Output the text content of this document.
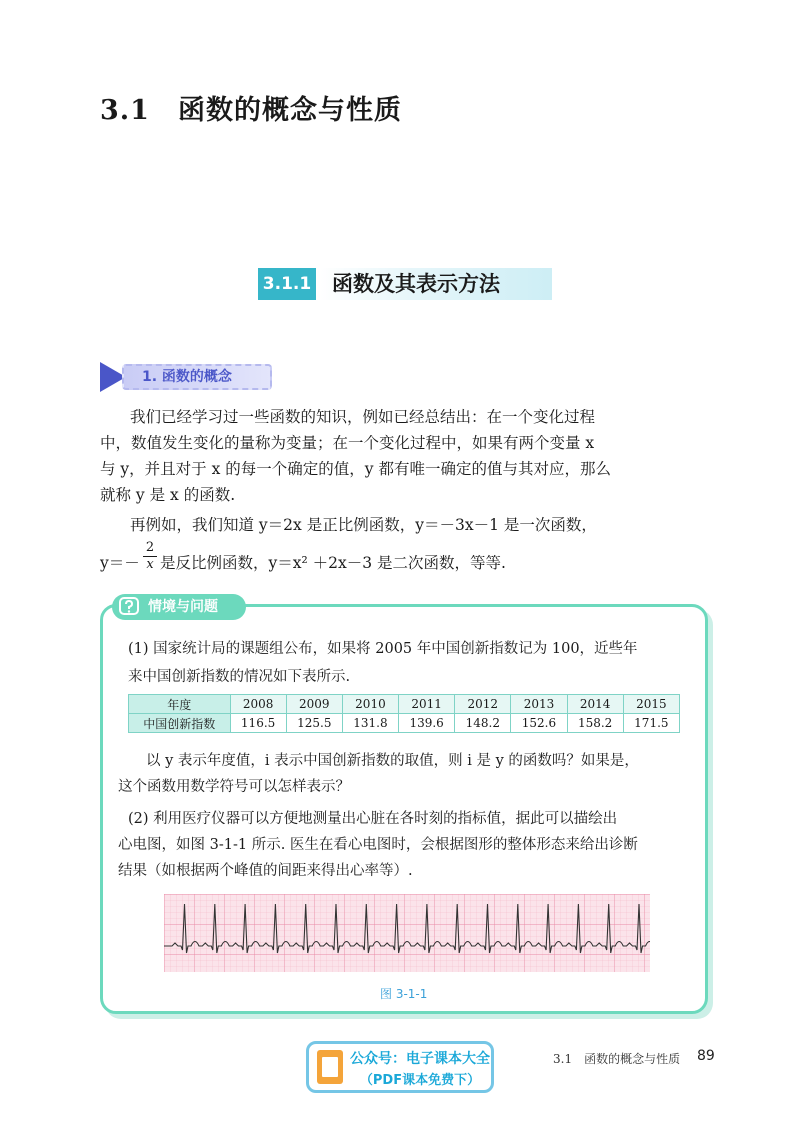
3.1 函数的概念与性质
3.1.1 函数及其表示方法
1. 函数的概念
我们已经学习过一些函数的知识，例如已经总结出：在一个变化过程
中，数值发生变化的量称为变量；在一个变化过程中，如果有两个变量 x
与 y，并且对于 x 的每一个确定的值，y 都有唯一确定的值与其对应，那么
就称 y 是 x 的函数.
再例如，我们知道 y＝2x 是正比例函数，y＝－3x－1 是一次函数，
y＝－
2
x 是反比例函数，y＝x² ＋2x－3 是二次函数，等等.
情境与问题
(1) 国家统计局的课题组公布，如果将 2005 年中国创新指数记为 100，近些年
来中国创新指数的情况如下表所示.
年度	2008	2009	2010	2011	2012	2013	2014	2015
中国创新指数	116.5	125.5	131.8	139.6	148.2	152.6	158.2	171.5
以 y 表示年度值，i 表示中国创新指数的取值，则 i 是 y 的函数吗？如果是，
这个函数用数学符号可以怎样表示？
(2) 利用医疗仪器可以方便地测量出心脏在各时刻的指标值，据此可以描绘出
心电图，如图 3-1-1 所示. 医生在看心电图时，会根据图形的整体形态来给出诊断
结果（如根据两个峰值的间距来得出心率等）.
图 3-1-1
3.1　函数的概念与性质 89
公众号：电子课本大全
（PDF课本免费下）
